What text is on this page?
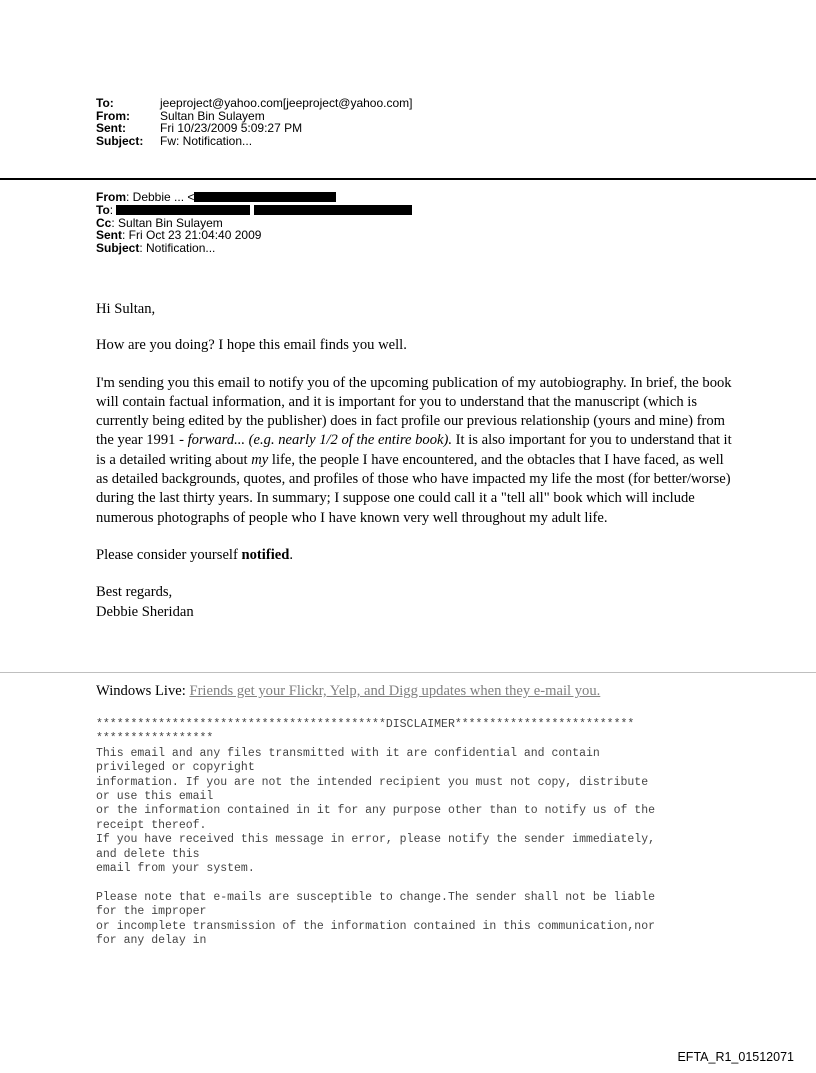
To:	jeeproject@yahoo.com[jeeproject@yahoo.com]
From:	Sultan Bin Sulayem
Sent:	Fri 10/23/2009 5:09:27 PM
Subject:	Fw: Notification...
From: Debbie ... <
To:
Cc: Sultan Bin Sulayem
Sent: Fri Oct 23 21:04:40 2009
Subject: Notification...

Hi Sultan,

How are you doing? I hope this email finds you well.

I'm sending you this email to notify you of the upcoming publication of my autobiography. In brief, the book will contain factual information, and it is important for you to understand that the manuscript (which is currently being edited by the publisher) does in fact profile our previous relationship (yours and mine) from the year 1991 - forward... (e.g. nearly 1/2 of the entire book). It is also important for you to understand that it is a detailed writing about my life, the people I have encountered, and the obtacles that I have faced, as well as detailed backgrounds, quotes, and profiles of those who have impacted my life the most (for better/worse) during the last thirty years. In summary; I suppose one could call it a "tell all" book which will include numerous photographs of people who I have known very well throughout my adult life.

Please consider yourself notified.

Best regards,

Debbie Sheridan

Windows Live: Friends get your Flickr, Yelp, and Digg updates when they e-mail you.
******************************************DISCLAIMER**************************
*****************
This email and any files transmitted with it are confidential and contain
privileged or copyright
information. If you are not the intended recipient you must not copy, distribute
or use this email
or the information contained in it for any purpose other than to notify us of the
receipt thereof.
If you have received this message in error, please notify the sender immediately,
and delete this
email from your system.

Please note that e-mails are susceptible to change.The sender shall not be liable
for the improper
or incomplete transmission of the information contained in this communication,nor
for any delay in
EFTA_R1_01512071
